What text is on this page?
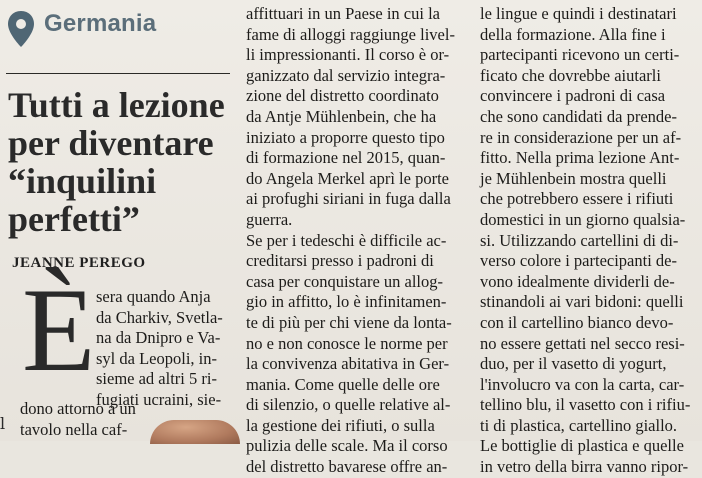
Germania
Tutti a lezione
per diventare
“inquilini
perfetti”
JEANNE PEREGO
È sera quando Anja
da Charkiv, Svetla-
na da Dnipro e Va-
syl da Leopoli, in-
sieme ad altri 5 ri-
fugiati ucraini, sie-
dono attorno a un
tavolo nella caf-
l
affittuari in un Paese in cui la
fame di alloggi raggiunge livel-
li impressionanti. Il corso è or-
ganizzato dal servizio integra-
zione del distretto coordinato
da Antje Mühlenbein, che ha
iniziato a proporre questo tipo
di formazione nel 2015, quan-
do Angela Merkel aprì le porte
ai profughi siriani in fuga dalla
guerra.
Se per i tedeschi è difficile ac-
creditarsi presso i padroni di
casa per conquistare un allog-
gio in affitto, lo è infinitamen-
te di più per chi viene da lonta-
no e non conosce le norme per
la convivenza abitativa in Ger-
mania. Come quelle delle ore
di silenzio, o quelle relative al-
la gestione dei rifiuti, o sulla
pulizia delle scale. Ma il corso
del distretto bavarese offre an-
le lingue e quindi i destinatari
della formazione. Alla fine i
partecipanti ricevono un certi-
ficato che dovrebbe aiutarli
convincere i padroni di casa
che sono candidati da prende-
re in considerazione per un af-
fitto. Nella prima lezione Ant-
je Mühlenbein mostra quelli
che potrebbero essere i rifiuti
domestici in un giorno qualsia-
si. Utilizzando cartellini di di-
verso colore i partecipanti de-
vono idealmente dividerli de-
stinandoli ai vari bidoni: quelli
con il cartellino bianco devo-
no essere gettati nel secco resi-
duo, per il vasetto di yogurt,
l'involucro va con la carta, car-
tellino blu, il vasetto con i rifiu-
ti di plastica, cartellino giallo.
Le bottiglie di plastica e quelle
in vetro della birra vanno ripor-
